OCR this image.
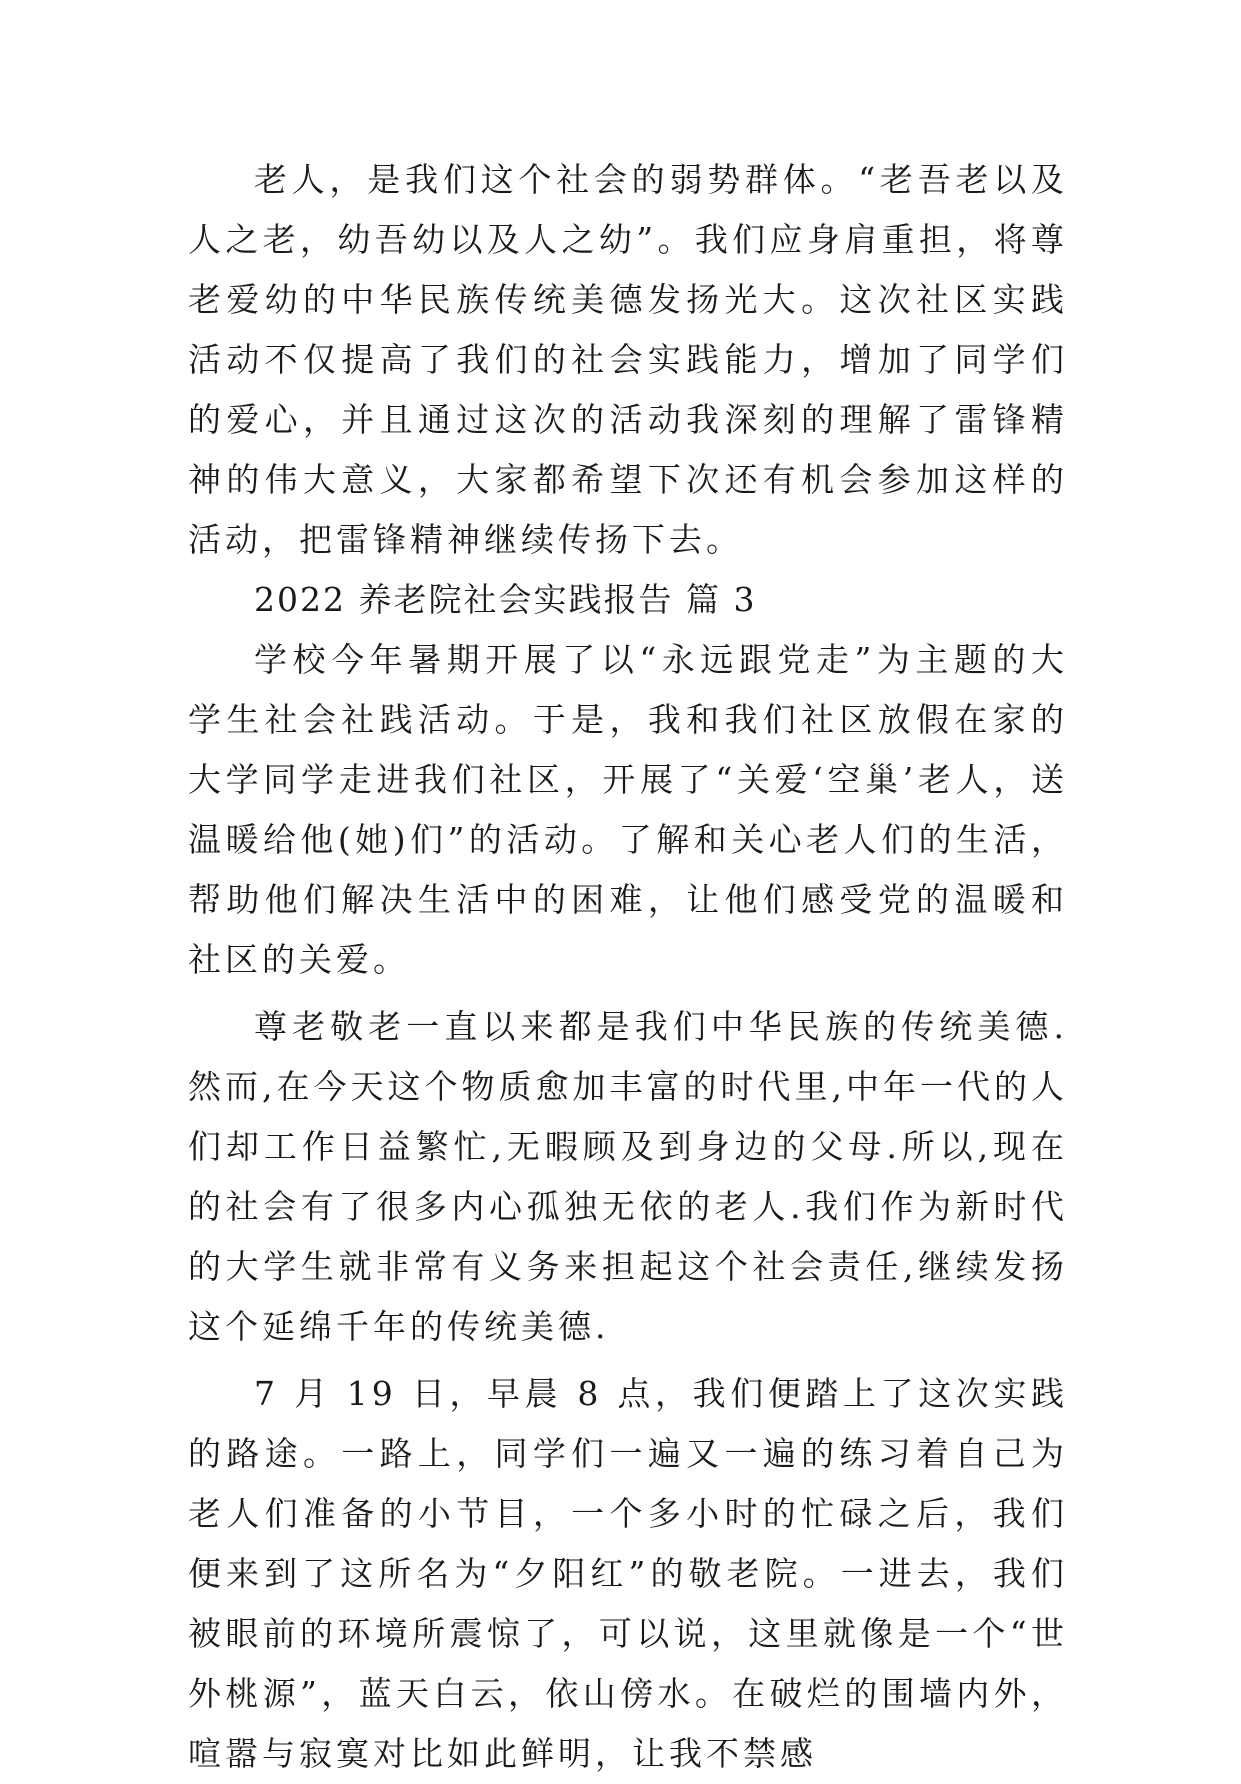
老人，是我们这个社会的弱势群体。“老吾老以及人之老，幼吾幼以及人之幼”。我们应身肩重担，将尊老爱幼的中华民族传统美德发扬光大。这次社区实践活动不仅提高了我们的社会实践能力，增加了同学们的爱心，并且通过这次的活动我深刻的理解了雷锋精神的伟大意义，大家都希望下次还有机会参加这样的活动，把雷锋精神继续传扬下去。

2022 养老院社会实践报告 篇 3

学校今年暑期开展了以“永远跟党走”为主题的大学生社会社践活动。于是，我和我们社区放假在家的大学同学走进我们社区，开展了“关爱‘空巢’老人，送温暖给他(她)们”的活动。了解和关心老人们的生活，帮助他们解决生活中的困难，让他们感受党的温暖和社区的关爱。

尊老敬老一直以来都是我们中华民族的传统美德.然而,在今天这个物质愈加丰富的时代里,中年一代的人们却工作日益繁忙,无暇顾及到身边的父母.所以,现在的社会有了很多内心孤独无依的老人.我们作为新时代的大学生就非常有义务来担起这个社会责任,继续发扬这个延绵千年的传统美德.

7 月 19 日，早晨 8 点，我们便踏上了这次实践的路途。一路上，同学们一遍又一遍的练习着自己为老人们准备的小节目，一个多小时的忙碌之后，我们便来到了这所名为“夕阳红”的敬老院。一进去，我们被眼前的环境所震惊了，可以说，这里就像是一个“世外桃源”，蓝天白云，依山傍水。在破烂的围墙内外，喧嚣与寂寞对比如此鲜明，让我不禁感
